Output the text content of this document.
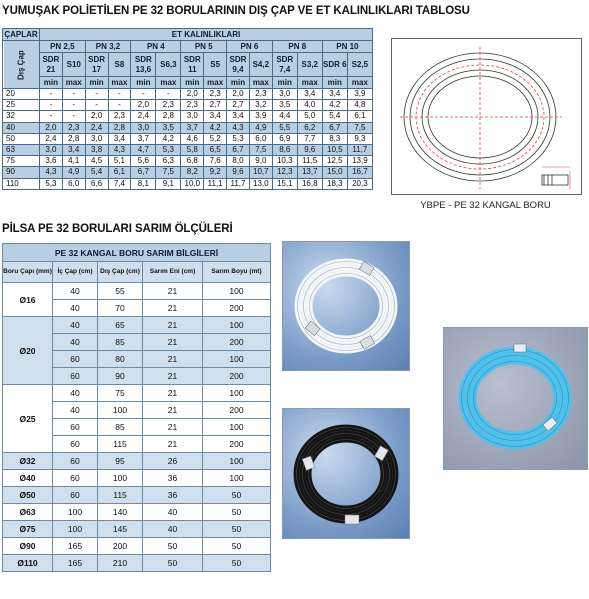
YUMUŞAK POLİETİLEN PE 32 BORULARININ DIŞ ÇAP VE ET KALINLIKLARI TABLOSU
ÇAPLAR	ET KALINLIKLARI													
Dış Çap	PN 2,5		PN 3,2		PN 4		PN 5		PN 6		PN 8		PN 10	
	SDR 21	S10	SDR 17	S8	SDR 13,6	S6,3	SDR 11	S5	SDR 9,4	S4,2	SDR 7,4	S3,2	SDR 6	S2,5
	min	max	min	max	min	max	min	max	min	max	min	max	min	max
20	-	-	-	-	-	-	2,0	2,3	2,0	2,3	3,0	3,4	3,4	3,9
25	-	-	-	-	2,0	2,3	2,3	2,7	2,7	3,2	3,5	4,0	4,2	4,8
32	-	-	2,0	2,3	2,4	2,8	3,0	3,4	3,4	3,9	4,4	5,0	5,4	6,1
40	2,0	2,3	2,4	2,8	3,0	3,5	3,7	4,2	4,3	4,9	5,5	6,2	6,7	7,5
50	2,4	2,8	3,0	3,4	3,7	4,2	4,6	5,2	5,3	6,0	6,9	7,7	8,3	9,3
63	3,0	3,4	3,8	4,3	4,7	5,3	5,8	6,5	6,7	7,5	8,6	9,6	10,5	11,7
75	3,6	4,1	4,5	5,1	5,6	6,3	6,8	7,6	8,0	9,0	10,3	11,5	12,5	13,9
90	4,3	4,9	5,4	6,1	6,7	7,5	8,2	9,2	9,6	10,7	12,3	13,7	15,0	16,7
110	5,3	6,0	6,6	7,4	8,1	9,1	10,0	11,1	11,7	13,0	15,1	16,8	18,3	20,3
YBPE - PE 32 KANGAL BORU
PİLSA PE 32 BORULARI SARIM ÖLÇÜLERİ
PE 32 KANGAL BORU SARIM BİLGİLERİ				
Boru Çapı (mm)	İç Çap (cm)	Dış Çap (cm)	Sarım Eni (cm)	Sarım Boyu (mt)
Ø16	40	55	21	100
	40	70	21	200
Ø20	40	65	21	100
	40	85	21	200
	60	80	21	100
	60	90	21	200
Ø25	40	75	21	100
	40	100	21	200
	60	85	21	100
	60	115	21	200
Ø32	60	95	26	100
Ø40	60	100	36	100
Ø50	60	115	36	50
Ø63	100	140	40	50
Ø75	100	145	40	50
Ø90	165	200	50	50
Ø110	165	210	50	50
